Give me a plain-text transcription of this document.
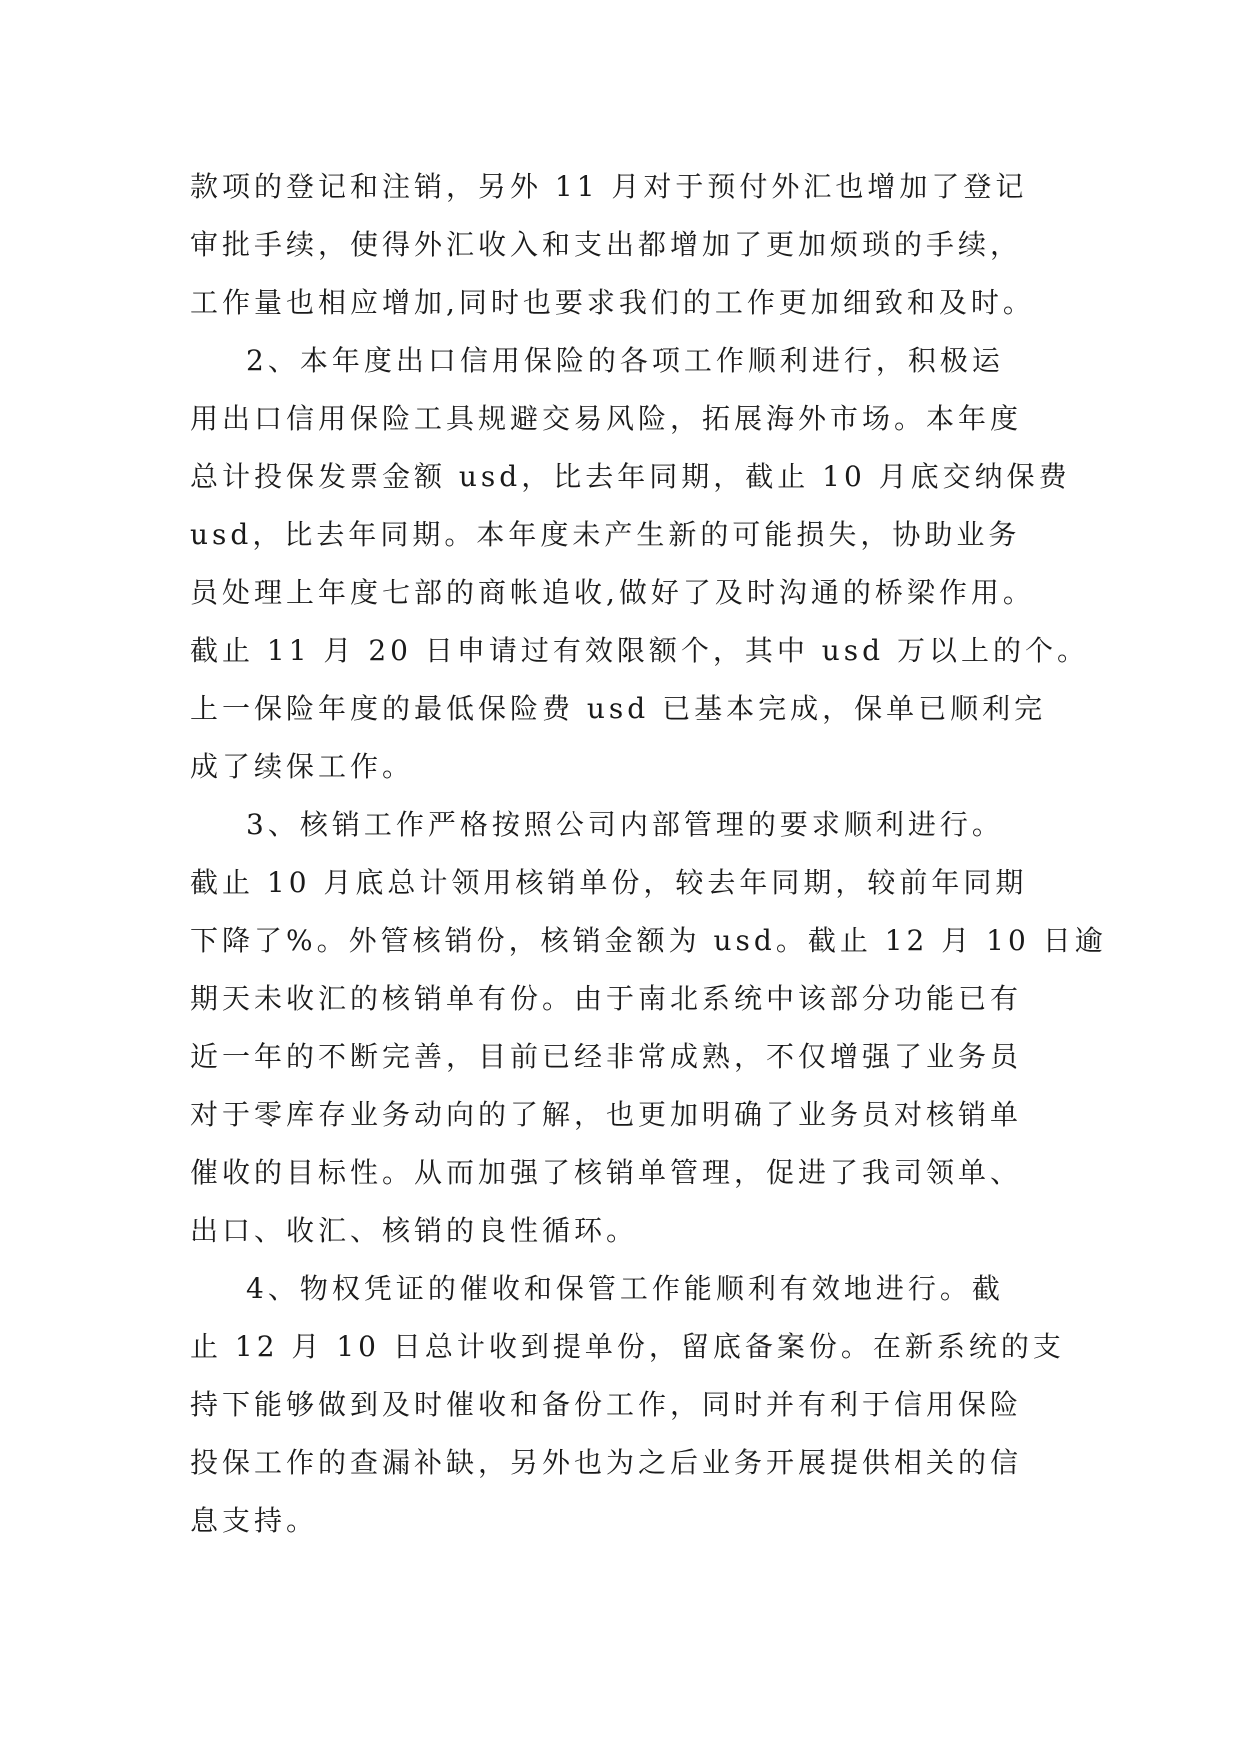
款项的登记和注销，另外 11 月对于预付外汇也增加了登记
审批手续，使得外汇收入和支出都增加了更加烦琐的手续，
工作量也相应增加,同时也要求我们的工作更加细致和及时。
2、本年度出口信用保险的各项工作顺利进行，积极运
用出口信用保险工具规避交易风险，拓展海外市场。本年度
总计投保发票金额 usd，比去年同期，截止 10 月底交纳保费
usd，比去年同期。本年度未产生新的可能损失，协助业务
员处理上年度七部的商帐追收,做好了及时沟通的桥梁作用。
截止 11 月 20 日申请过有效限额个，其中 usd 万以上的个。
上一保险年度的最低保险费 usd 已基本完成，保单已顺利完
成了续保工作。
3、核销工作严格按照公司内部管理的要求顺利进行。
截止 10 月底总计领用核销单份，较去年同期，较前年同期
下降了%。外管核销份，核销金额为 usd。截止 12 月 10 日逾
期天未收汇的核销单有份。由于南北系统中该部分功能已有
近一年的不断完善，目前已经非常成熟，不仅增强了业务员
对于零库存业务动向的了解，也更加明确了业务员对核销单
催收的目标性。从而加强了核销单管理，促进了我司领单、
出口、收汇、核销的良性循环。
4、物权凭证的催收和保管工作能顺利有效地进行。截
止 12 月 10 日总计收到提单份，留底备案份。在新系统的支
持下能够做到及时催收和备份工作，同时并有利于信用保险
投保工作的查漏补缺，另外也为之后业务开展提供相关的信
息支持。
